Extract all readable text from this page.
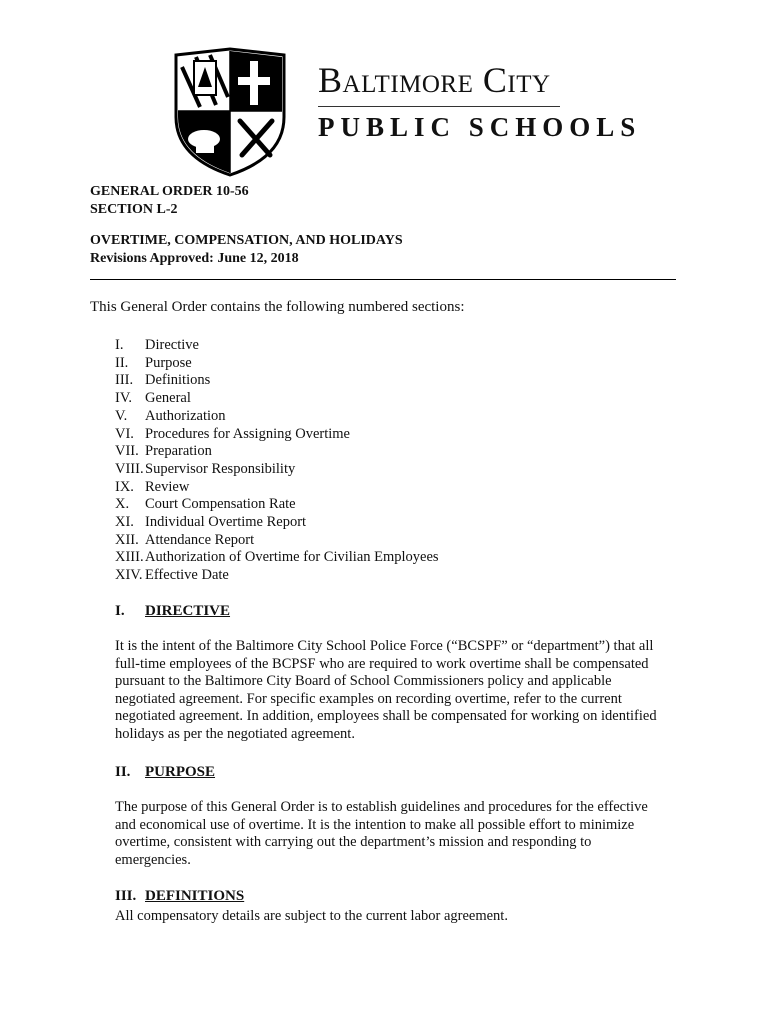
Baltimore City
PUBLIC SCHOOLS
GENERAL ORDER 10-56
SECTION L-2
OVERTIME, COMPENSATION, AND HOLIDAYS
Revisions Approved: June 12, 2018
This General Order contains the following numbered sections:
I.	Directive
II.	Purpose
III. Definitions
IV. General
V.	Authorization
VI. Procedures for Assigning Overtime
VII. Preparation
VIII. Supervisor Responsibility
IX. Review
X.	Court Compensation Rate
XI. Individual Overtime Report
XII. Attendance Report
XIII. Authorization of Overtime for Civilian Employees
XIV. Effective Date
I. DIRECTIVE
It is the intent of the Baltimore City School Police Force (“BCSPF” or “department”) that all
full-time employees of the BCPSF who are required to work overtime shall be compensated
pursuant to the Baltimore City Board of School Commissioners policy and applicable
negotiated agreement. For specific examples on recording overtime, refer to the current
negotiated agreement. In addition, employees shall be compensated for working on identified
holidays as per the negotiated agreement.
II. PURPOSE
The purpose of this General Order is to establish guidelines and procedures for the effective
and economical use of overtime. It is the intention to make all possible effort to minimize
overtime, consistent with carrying out the department’s mission and responding to
emergencies.
III. DEFINITIONS
All compensatory details are subject to the current labor agreement.
